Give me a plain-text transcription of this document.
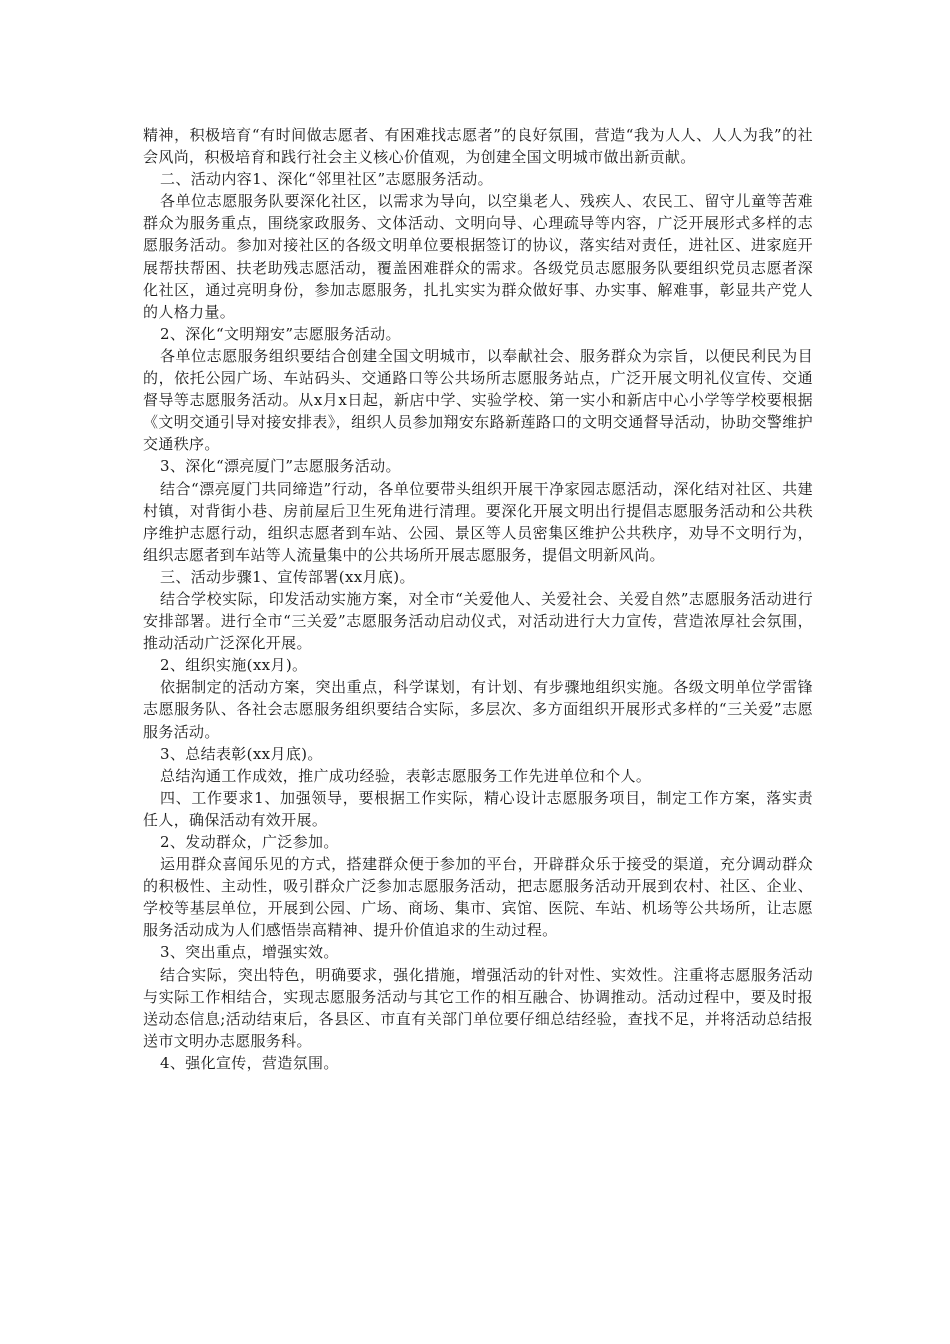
精神，积极培育“有时间做志愿者、有困难找志愿者”的良好氛围，营造“我为人人、人人为我”的社会风尚，积极培育和践行社会主义核心价值观，为创建全国文明城市做出新贡献。

二、活动内容1、深化“邻里社区”志愿服务活动。

各单位志愿服务队要深化社区，以需求为导向，以空巢老人、残疾人、农民工、留守儿童等苦难群众为服务重点，围绕家政服务、文体活动、文明向导、心理疏导等内容，广泛开展形式多样的志愿服务活动。参加对接社区的各级文明单位要根据签订的协议，落实结对责任，进社区、进家庭开展帮扶帮困、扶老助残志愿活动，覆盖困难群众的需求。各级党员志愿服务队要组织党员志愿者深化社区，通过亮明身份，参加志愿服务，扎扎实实为群众做好事、办实事、解难事，彰显共产党人的人格力量。

2、深化“文明翔安”志愿服务活动。

各单位志愿服务组织要结合创建全国文明城市，以奉献社会、服务群众为宗旨，以便民利民为目的，依托公园广场、车站码头、交通路口等公共场所志愿服务站点，广泛开展文明礼仪宣传、交通督导等志愿服务活动。从x月x日起，新店中学、实验学校、第一实小和新店中心小学等学校要根据《文明交通引导对接安排表》，组织人员参加翔安东路新莲路口的文明交通督导活动，协助交警维护交通秩序。

3、深化“漂亮厦门”志愿服务活动。

结合“漂亮厦门共同缔造”行动，各单位要带头组织开展干净家园志愿活动，深化结对社区、共建村镇，对背街小巷、房前屋后卫生死角进行清理。要深化开展文明出行提倡志愿服务活动和公共秩序维护志愿行动，组织志愿者到车站、公园、景区等人员密集区维护公共秩序，劝导不文明行为，组织志愿者到车站等人流量集中的公共场所开展志愿服务，提倡文明新风尚。

三、活动步骤1、宣传部署(xx月底)。

结合学校实际，印发活动实施方案，对全市“关爱他人、关爱社会、关爱自然”志愿服务活动进行安排部署。进行全市“三关爱”志愿服务活动启动仪式，对活动进行大力宣传，营造浓厚社会氛围，推动活动广泛深化开展。

2、组织实施(xx月)。

依据制定的活动方案，突出重点，科学谋划，有计划、有步骤地组织实施。各级文明单位学雷锋志愿服务队、各社会志愿服务组织要结合实际，多层次、多方面组织开展形式多样的“三关爱”志愿服务活动。

3、总结表彰(xx月底)。

总结沟通工作成效，推广成功经验，表彰志愿服务工作先进单位和个人。

四、工作要求1、加强领导，要根据工作实际，精心设计志愿服务项目，制定工作方案，落实责任人，确保活动有效开展。

2、发动群众，广泛参加。

运用群众喜闻乐见的方式，搭建群众便于参加的平台，开辟群众乐于接受的渠道，充分调动群众的积极性、主动性，吸引群众广泛参加志愿服务活动，把志愿服务活动开展到农村、社区、企业、学校等基层单位，开展到公园、广场、商场、集市、宾馆、医院、车站、机场等公共场所，让志愿服务活动成为人们感悟崇高精神、提升价值追求的生动过程。

3、突出重点，增强实效。

结合实际，突出特色，明确要求，强化措施，增强活动的针对性、实效性。注重将志愿服务活动与实际工作相结合，实现志愿服务活动与其它工作的相互融合、协调推动。活动过程中，要及时报送动态信息;活动结束后，各县区、市直有关部门单位要仔细总结经验，查找不足，并将活动总结报送市文明办志愿服务科。

4、强化宣传，营造氛围。
